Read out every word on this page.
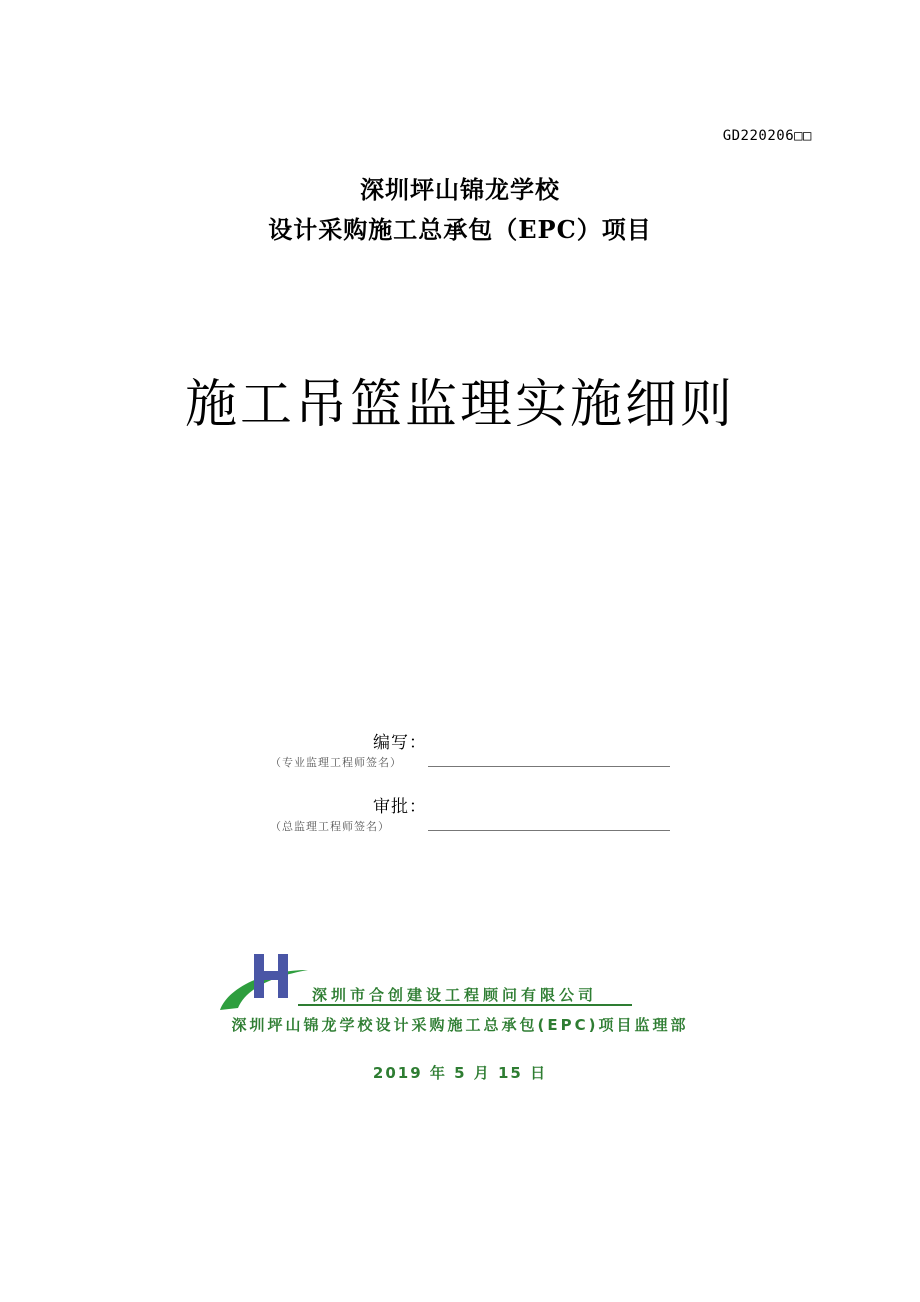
GD220206□□
深圳坪山锦龙学校
设计采购施工总承包（EPC）项目
施工吊篮监理实施细则
编写：
（专业监理工程师签名）
审批：
（总监理工程师签名）
深圳市合创建设工程顾问有限公司
深圳坪山锦龙学校设计采购施工总承包(EPC)项目监理部
2019 年 5 月 15 日
